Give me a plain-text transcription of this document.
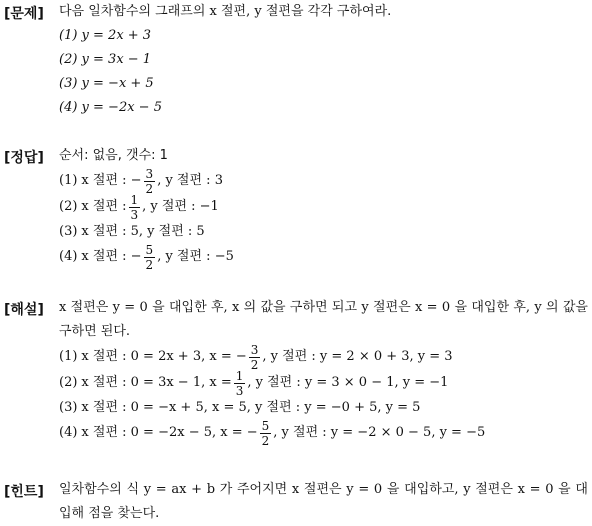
[문제] 다음 일차함수의 그래프의 x 절편, y 절편을 각각 구하여라.
(1) y = 2x + 3
(2) y = 3x − 1
(3) y = −x + 5
(4) y = −2x − 5
[정답] 순서: 없음, 갯수: 1
(1) x 절편 : − $\frac{3}{2}$ , y 절편 : 3
(2) x 절편 : $\frac{1}{3}$ , y 절편 : −1
(3) x 절편 : 5 , y 절편 : 5
(4) x 절편 : − $\frac{5}{2}$ , y 절편 : −5
[해설] x 절편은 y = 0 을 대입한 후, x 의 값을 구하면 되고 y 절편은 x = 0 을 대입한 후, y 의 값을 구하면 된다.
(1) x 절편 : 0 = 2x + 3, x = − $\frac{3}{2}$ , y 절편 : y = 2 × 0 + 3, y = 3
(2) x 절편 : 0 = 3x − 1, $x = \frac{1}{3}$ , y 절편 : y = 3 × 0 − 1, y = −1
(3) x 절편 : 0 = −x + 5, x = 5 , y 절편 : y = −0 + 5, y = 5
(4) x 절편 : 0 = −2x − 5, x = − $\frac{5}{2}$ , y 절편 : y = −2 × 0 − 5, y = −5
[힌트] 일차함수의 식 y = ax + b 가 주어지면 x 절편은 y = 0 을 대입하고, y 절편은 x = 0 을 대입해 점을 찾는다.
